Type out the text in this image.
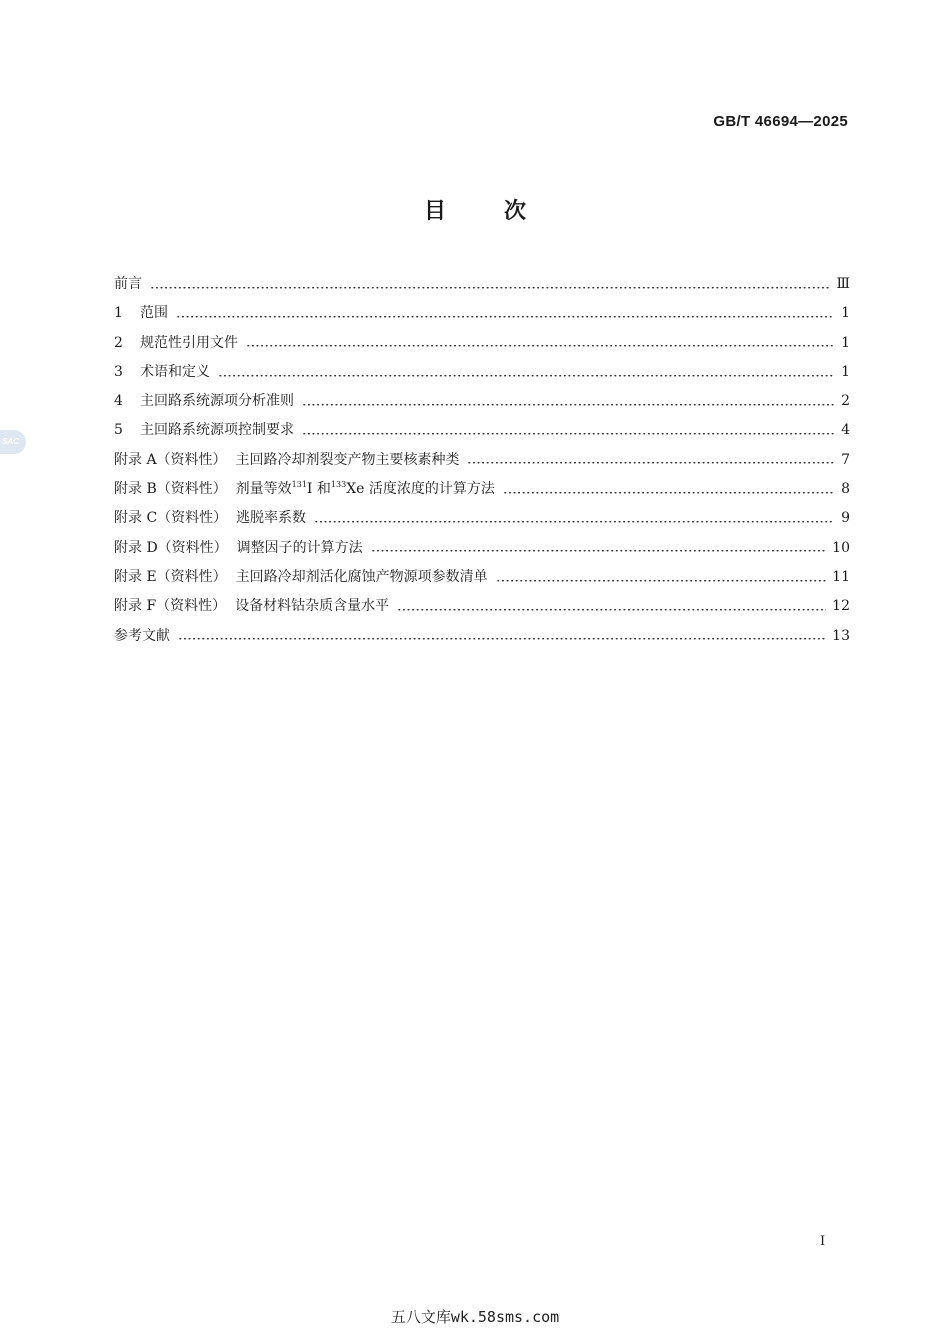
GB/T 46694—2025
SAC
目次
前言	Ⅲ
1	范围	1
2	规范性引用文件	1
3	术语和定义	1
4	主回路系统源项分析准则	2
5	主回路系统源项控制要求	4
附录 A（资料性）  主回路冷却剂裂变产物主要核素种类	7
附录 B（资料性）  剂量等效$^{131}$I 和$^{133}$Xe 活度浓度的计算方法	8
附录 C（资料性）  逃脱率系数	9
附录 D（资料性）  调整因子的计算方法	10
附录 E（资料性）  主回路冷却剂活化腐蚀产物源项参数清单	11
附录 F（资料性）  设备材料钴杂质含量水平	12
参考文献	13
I
五八文库wk.58sms.com
